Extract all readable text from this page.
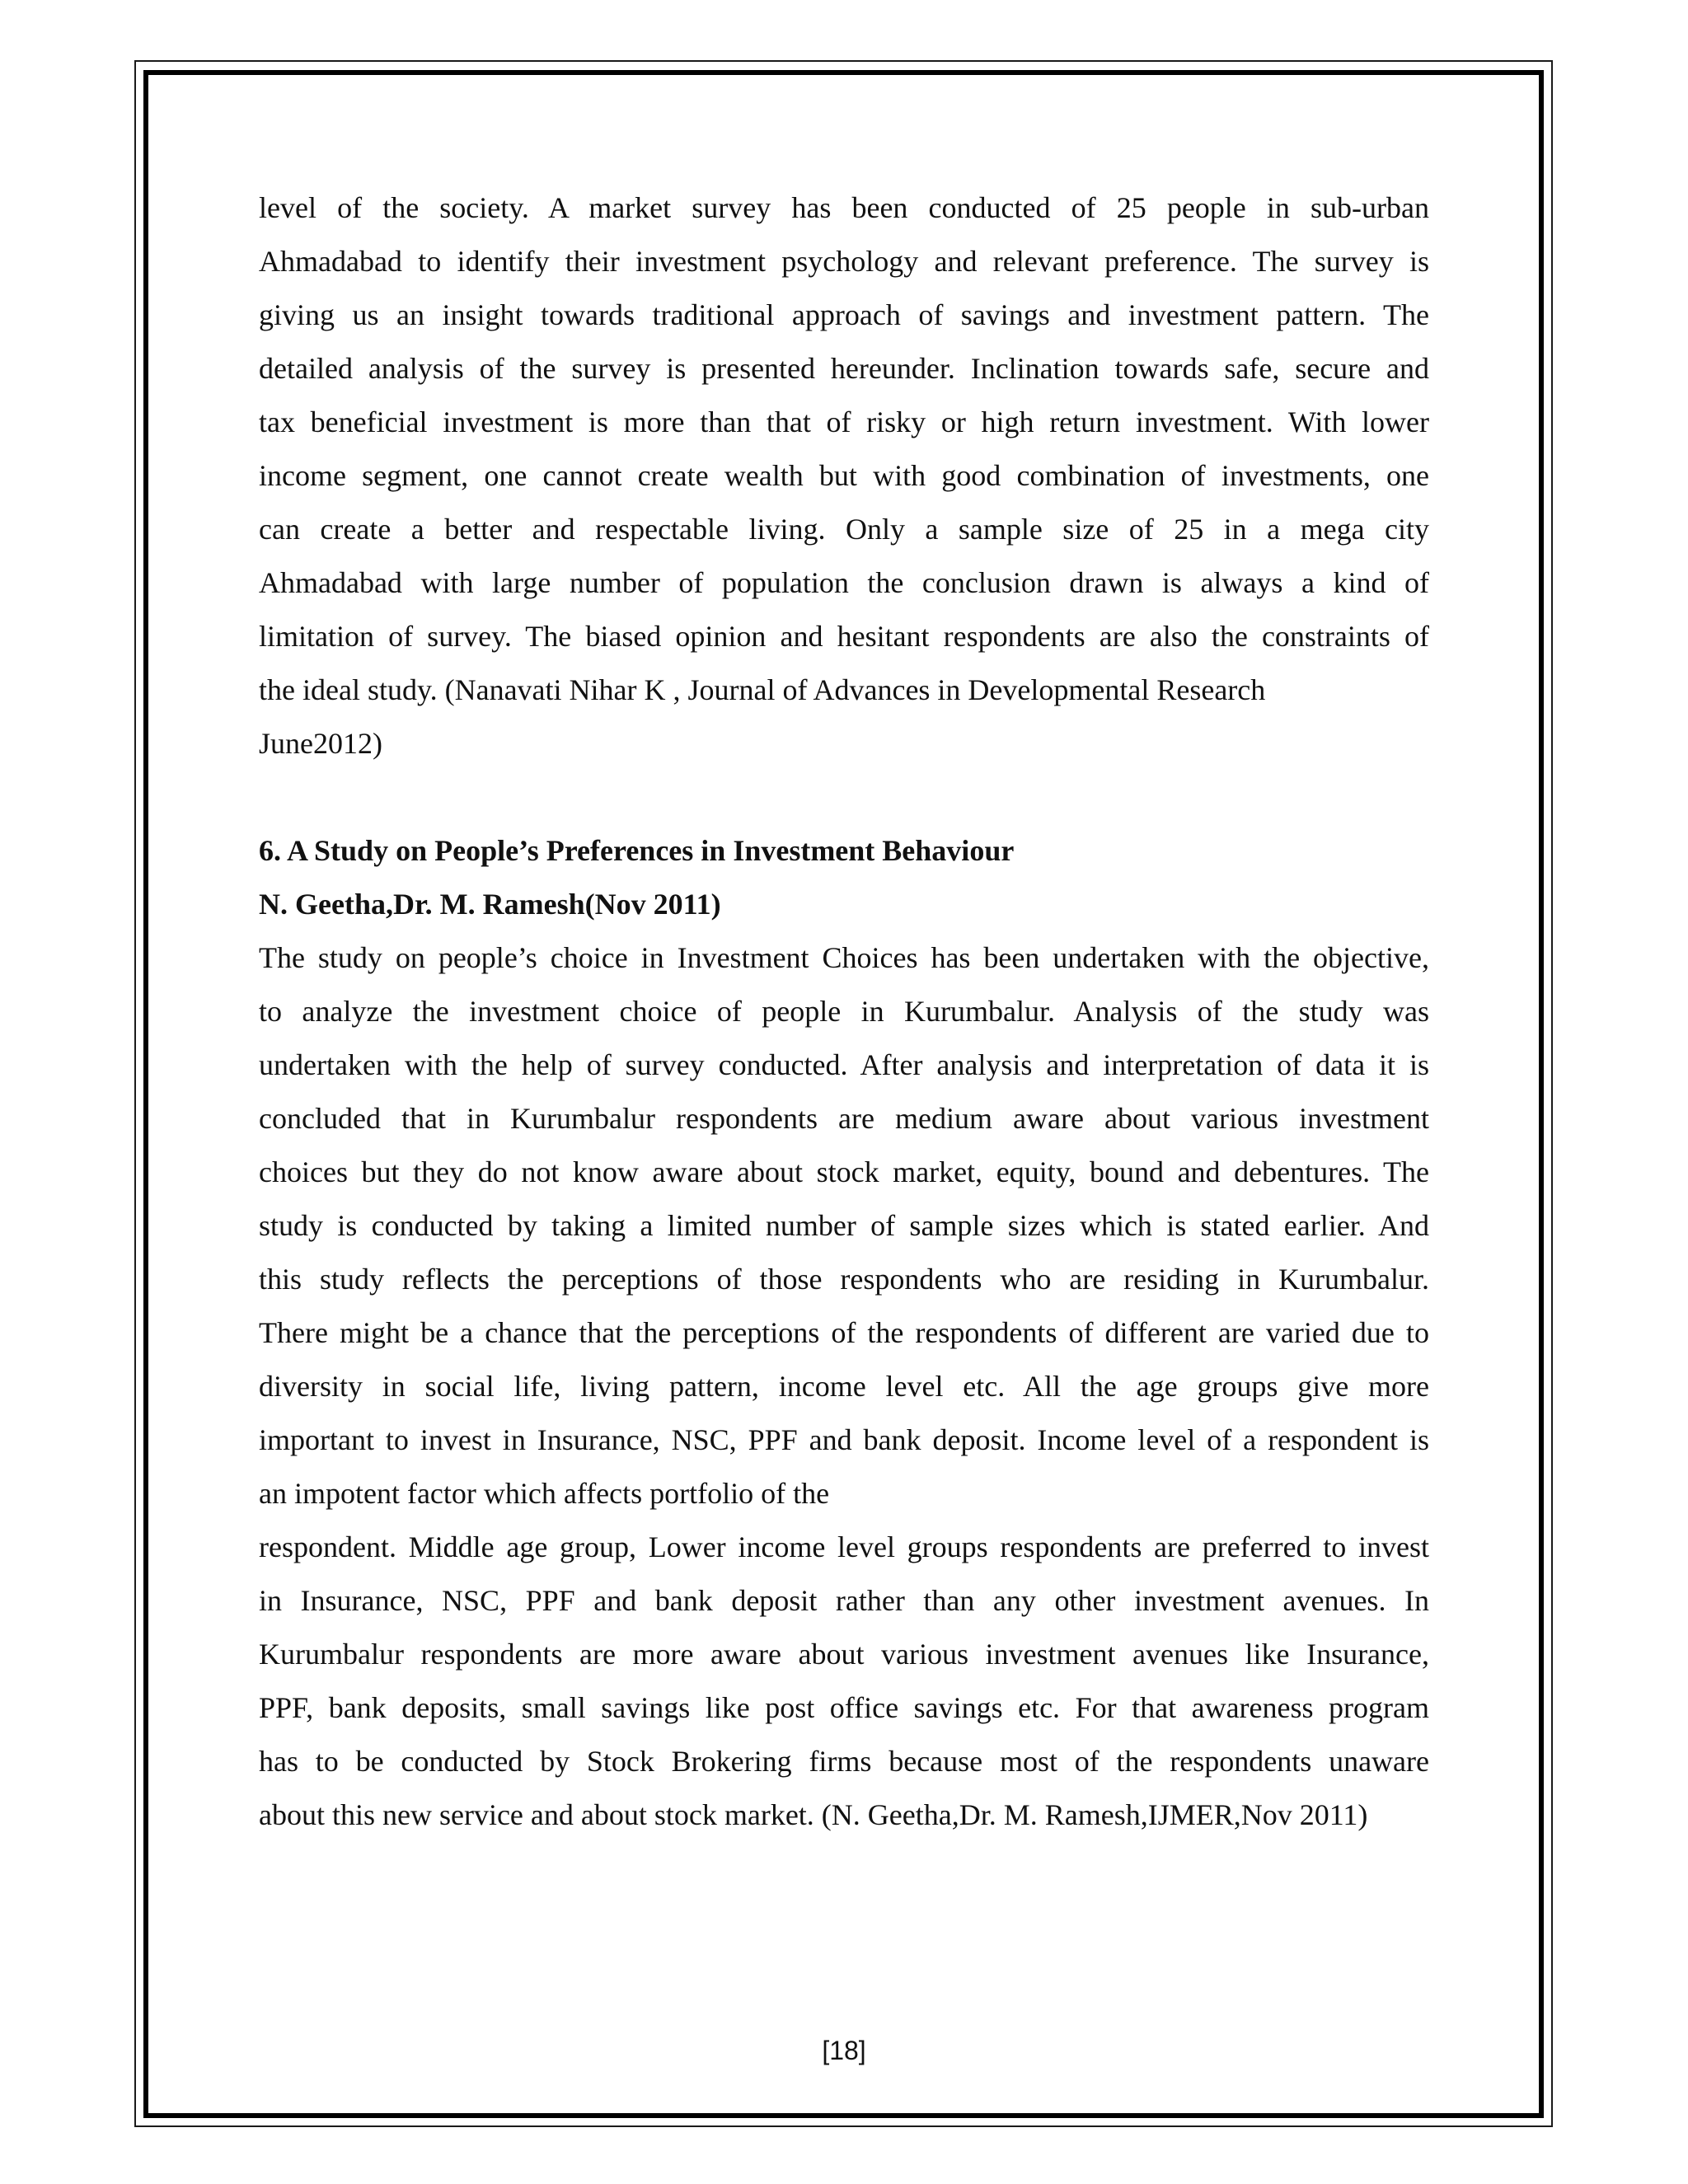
level of the society. A market survey has been conducted of 25 people in sub-urban
Ahmadabad to identify their investment psychology and relevant preference. The survey is
giving us an insight towards traditional approach of savings and investment pattern. The
detailed analysis of the survey is presented hereunder. Inclination towards safe, secure and
tax beneficial investment is more than that of risky or high return investment. With lower
income segment, one cannot create wealth but with good combination of investments, one
can create a better and respectable living. Only a sample size of 25 in a mega city
Ahmadabad with large number of population the conclusion drawn is always a kind of
limitation of survey. The biased opinion and hesitant respondents are also the constraints of
the ideal study. (Nanavati Nihar K , Journal of Advances in Developmental Research
June2012)
6. A Study on People’s Preferences in Investment Behaviour
N. Geetha,Dr. M. Ramesh(Nov 2011)
The study on people’s choice in Investment Choices has been undertaken with the objective,
to analyze the investment choice of people in Kurumbalur. Analysis of the study was
undertaken with the help of survey conducted. After analysis and interpretation of data it is
concluded that in Kurumbalur respondents are medium aware about various investment
choices but they do not know aware about stock market, equity, bound and debentures. The
study is conducted by taking a limited number of sample sizes which is stated earlier. And
this study reflects the perceptions of those respondents who are residing in Kurumbalur.
There might be a chance that the perceptions of the respondents of different are varied due to
diversity in social life, living pattern, income level etc. All the age groups give more
important to invest in Insurance, NSC, PPF and bank deposit. Income level of a respondent is
an impotent factor which affects portfolio of the
respondent. Middle age group, Lower income level groups respondents are preferred to invest
in Insurance, NSC, PPF and bank deposit rather than any other investment avenues. In
Kurumbalur respondents are more aware about various investment avenues like Insurance,
PPF, bank deposits, small savings like post office savings etc. For that awareness program
has to be conducted by Stock Brokering firms because most of the respondents unaware
about this new service and about stock market. (N. Geetha,Dr. M. Ramesh,IJMER,Nov 2011)
[18]
